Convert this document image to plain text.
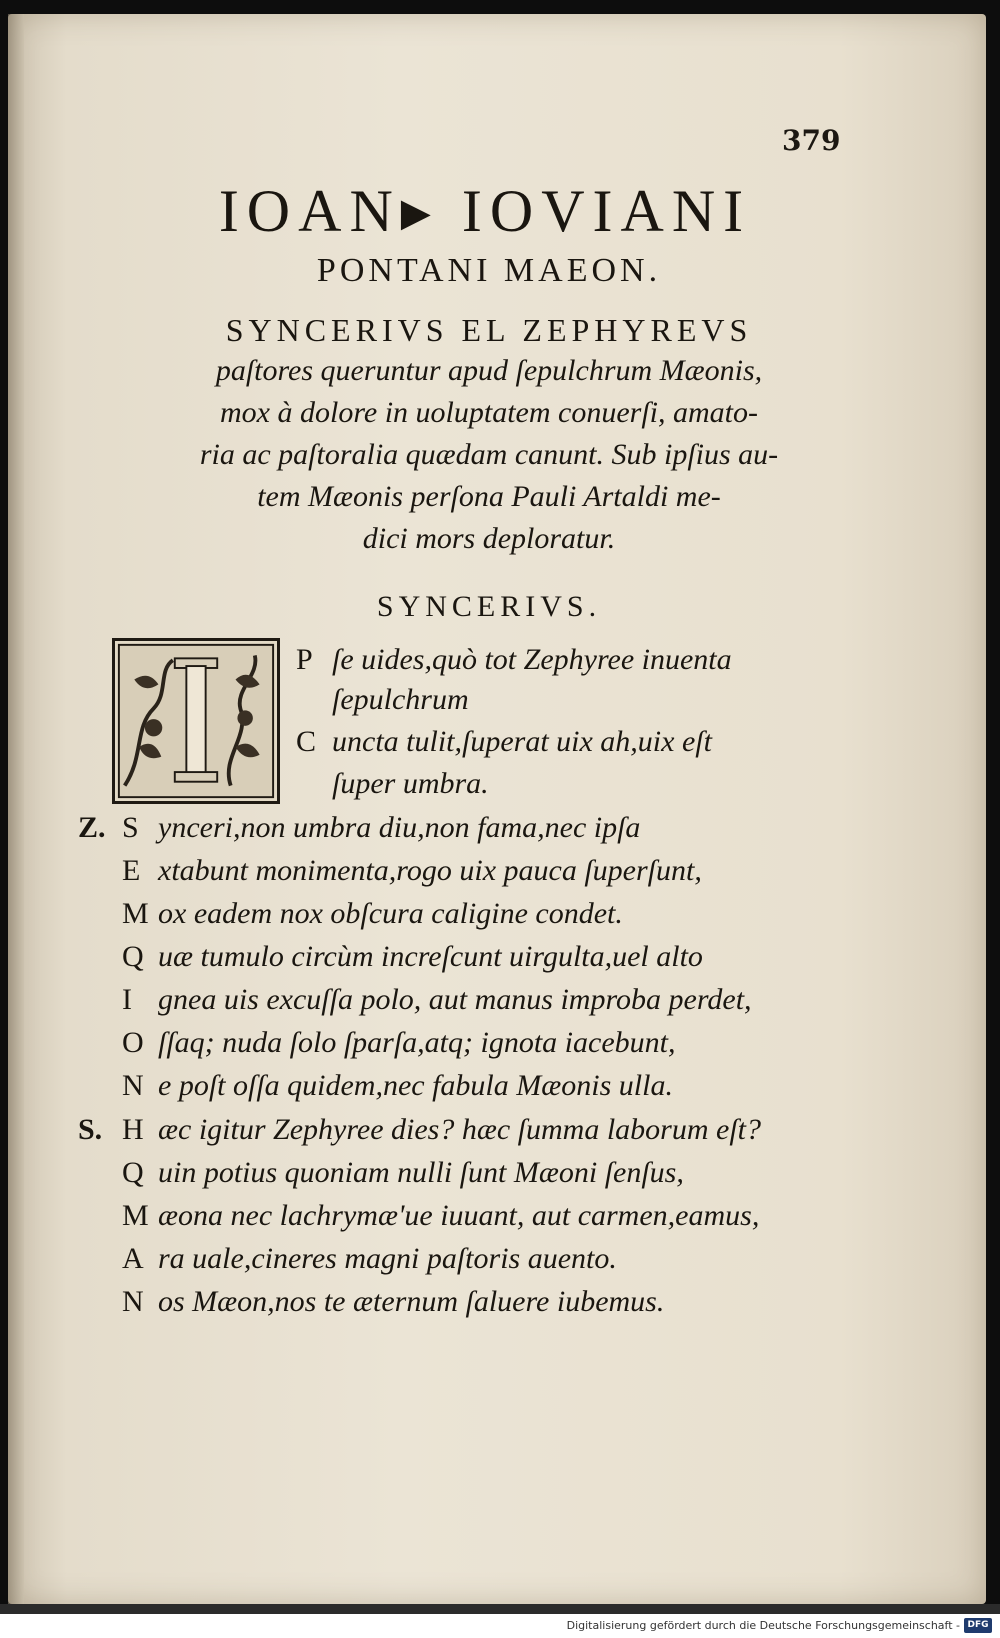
379
IOAN▸ IOVIANI
PONTANI MAEON.
SYNCERIVS EL ZEPHYREVS
paſtores queruntur apud ſepulchrum Mæonis,
mox à dolore in uoluptatem conuerſi, amato-
ria ac paſtoralia quædam canunt. Sub ipſius au-
tem Mæonis perſona Pauli Artaldi me-
dici mors deploratur.
SYNCERIVS.
P ſe uides,quò tot Zephyree inuenta
ſepulchrum
C uncta tulit,ſuperat uix ah,uix eſt
ſuper umbra.
Z. S ynceri,non umbra diu,non fama,nec ipſa
E xtabunt monimenta,rogo uix pauca ſuperſunt,
M ox eadem nox obſcura caligine condet.
Q uæ tumulo circùm increſcunt uirgulta,uel alto
I gnea uis excuſſa polo, aut manus improba perdet,
O ſſaq; nuda ſolo ſparſa,atq; ignota iacebunt,
N e poſt oſſa quidem,nec fabula Mæonis ulla.
S. H æc igitur Zephyree dies? hæc ſumma laborum eſt?
Q uin potius quoniam nulli ſunt Mæoni ſenſus,
M æona nec lachrymæ'ue iuuant, aut carmen,eamus,
A ra uale,cineres magni paſtoris auento.
N os Mæon,nos te æternum ſaluere iubemus.
Digitalisierung gefördert durch die Deutsche Forschungsgemeinschaft - DFG
